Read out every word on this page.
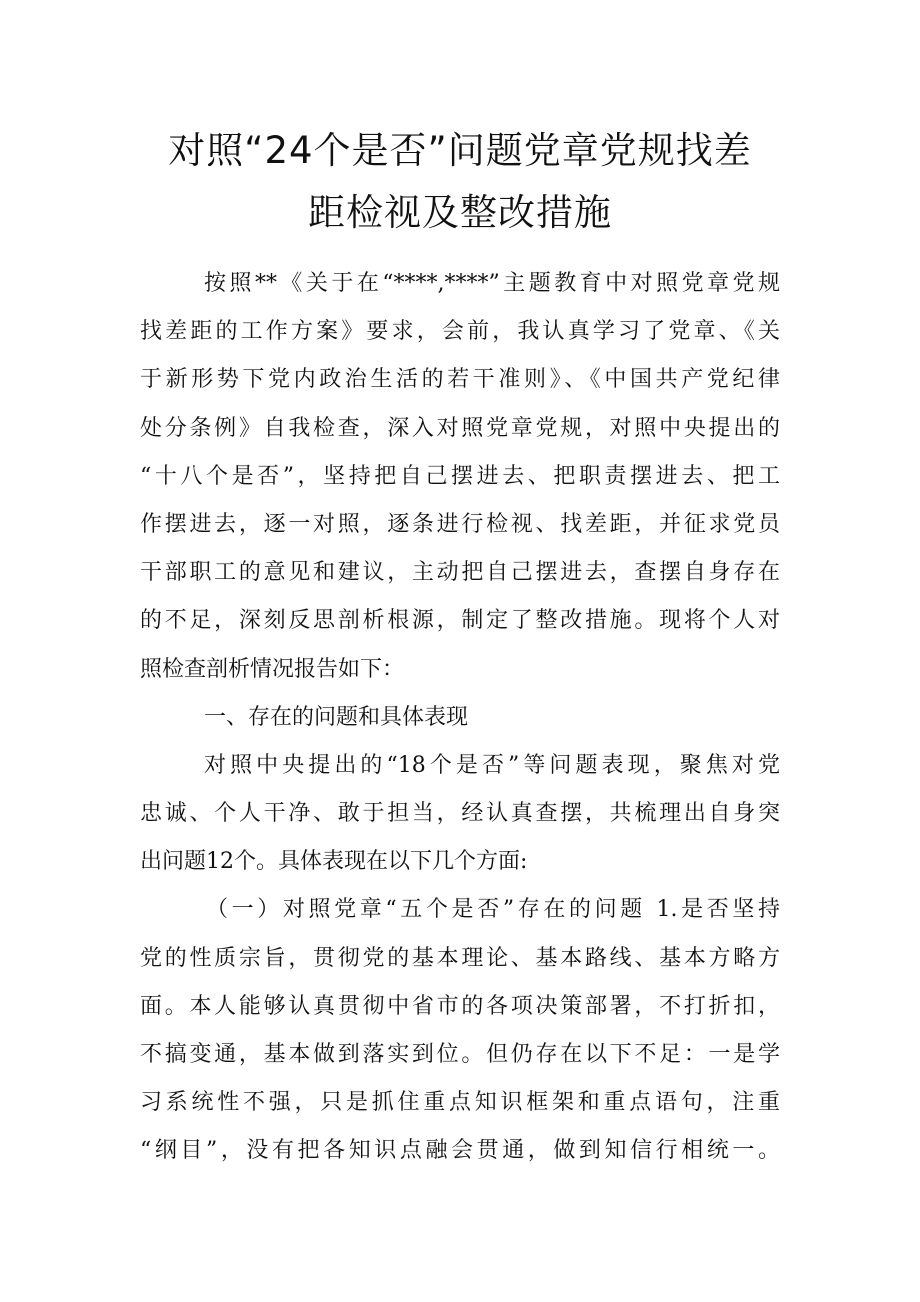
对照“24个是否”问题党章党规找差
距检视及整改措施
按照**《关于在“****,****”主题教育中对照党章党规
找差距的工作方案》要求，会前，我认真学习了党章、《关
于新形势下党内政治生活的若干准则》、《中国共产党纪律
处分条例》自我检查，深入对照党章党规，对照中央提出的
“十八个是否”，坚持把自己摆进去、把职责摆进去、把工
作摆进去，逐一对照，逐条进行检视、找差距，并征求党员
干部职工的意见和建议，主动把自己摆进去，查摆自身存在
的不足，深刻反思剖析根源，制定了整改措施。现将个人对
照检查剖析情况报告如下：
一、存在的问题和具体表现
对照中央提出的“18个是否”等问题表现，聚焦对党
忠诚、个人干净、敢于担当，经认真查摆，共梳理出自身突
出问题12个。具体表现在以下几个方面:
（一）对照党章“五个是否”存在的问题 1.是否坚持
党的性质宗旨，贯彻党的基本理论、基本路线、基本方略方
面。本人能够认真贯彻中省市的各项决策部署，不打折扣，
不搞变通，基本做到落实到位。但仍存在以下不足：一是学
习系统性不强，只是抓住重点知识框架和重点语句，注重
“纲目”，没有把各知识点融会贯通，做到知信行相统一。
